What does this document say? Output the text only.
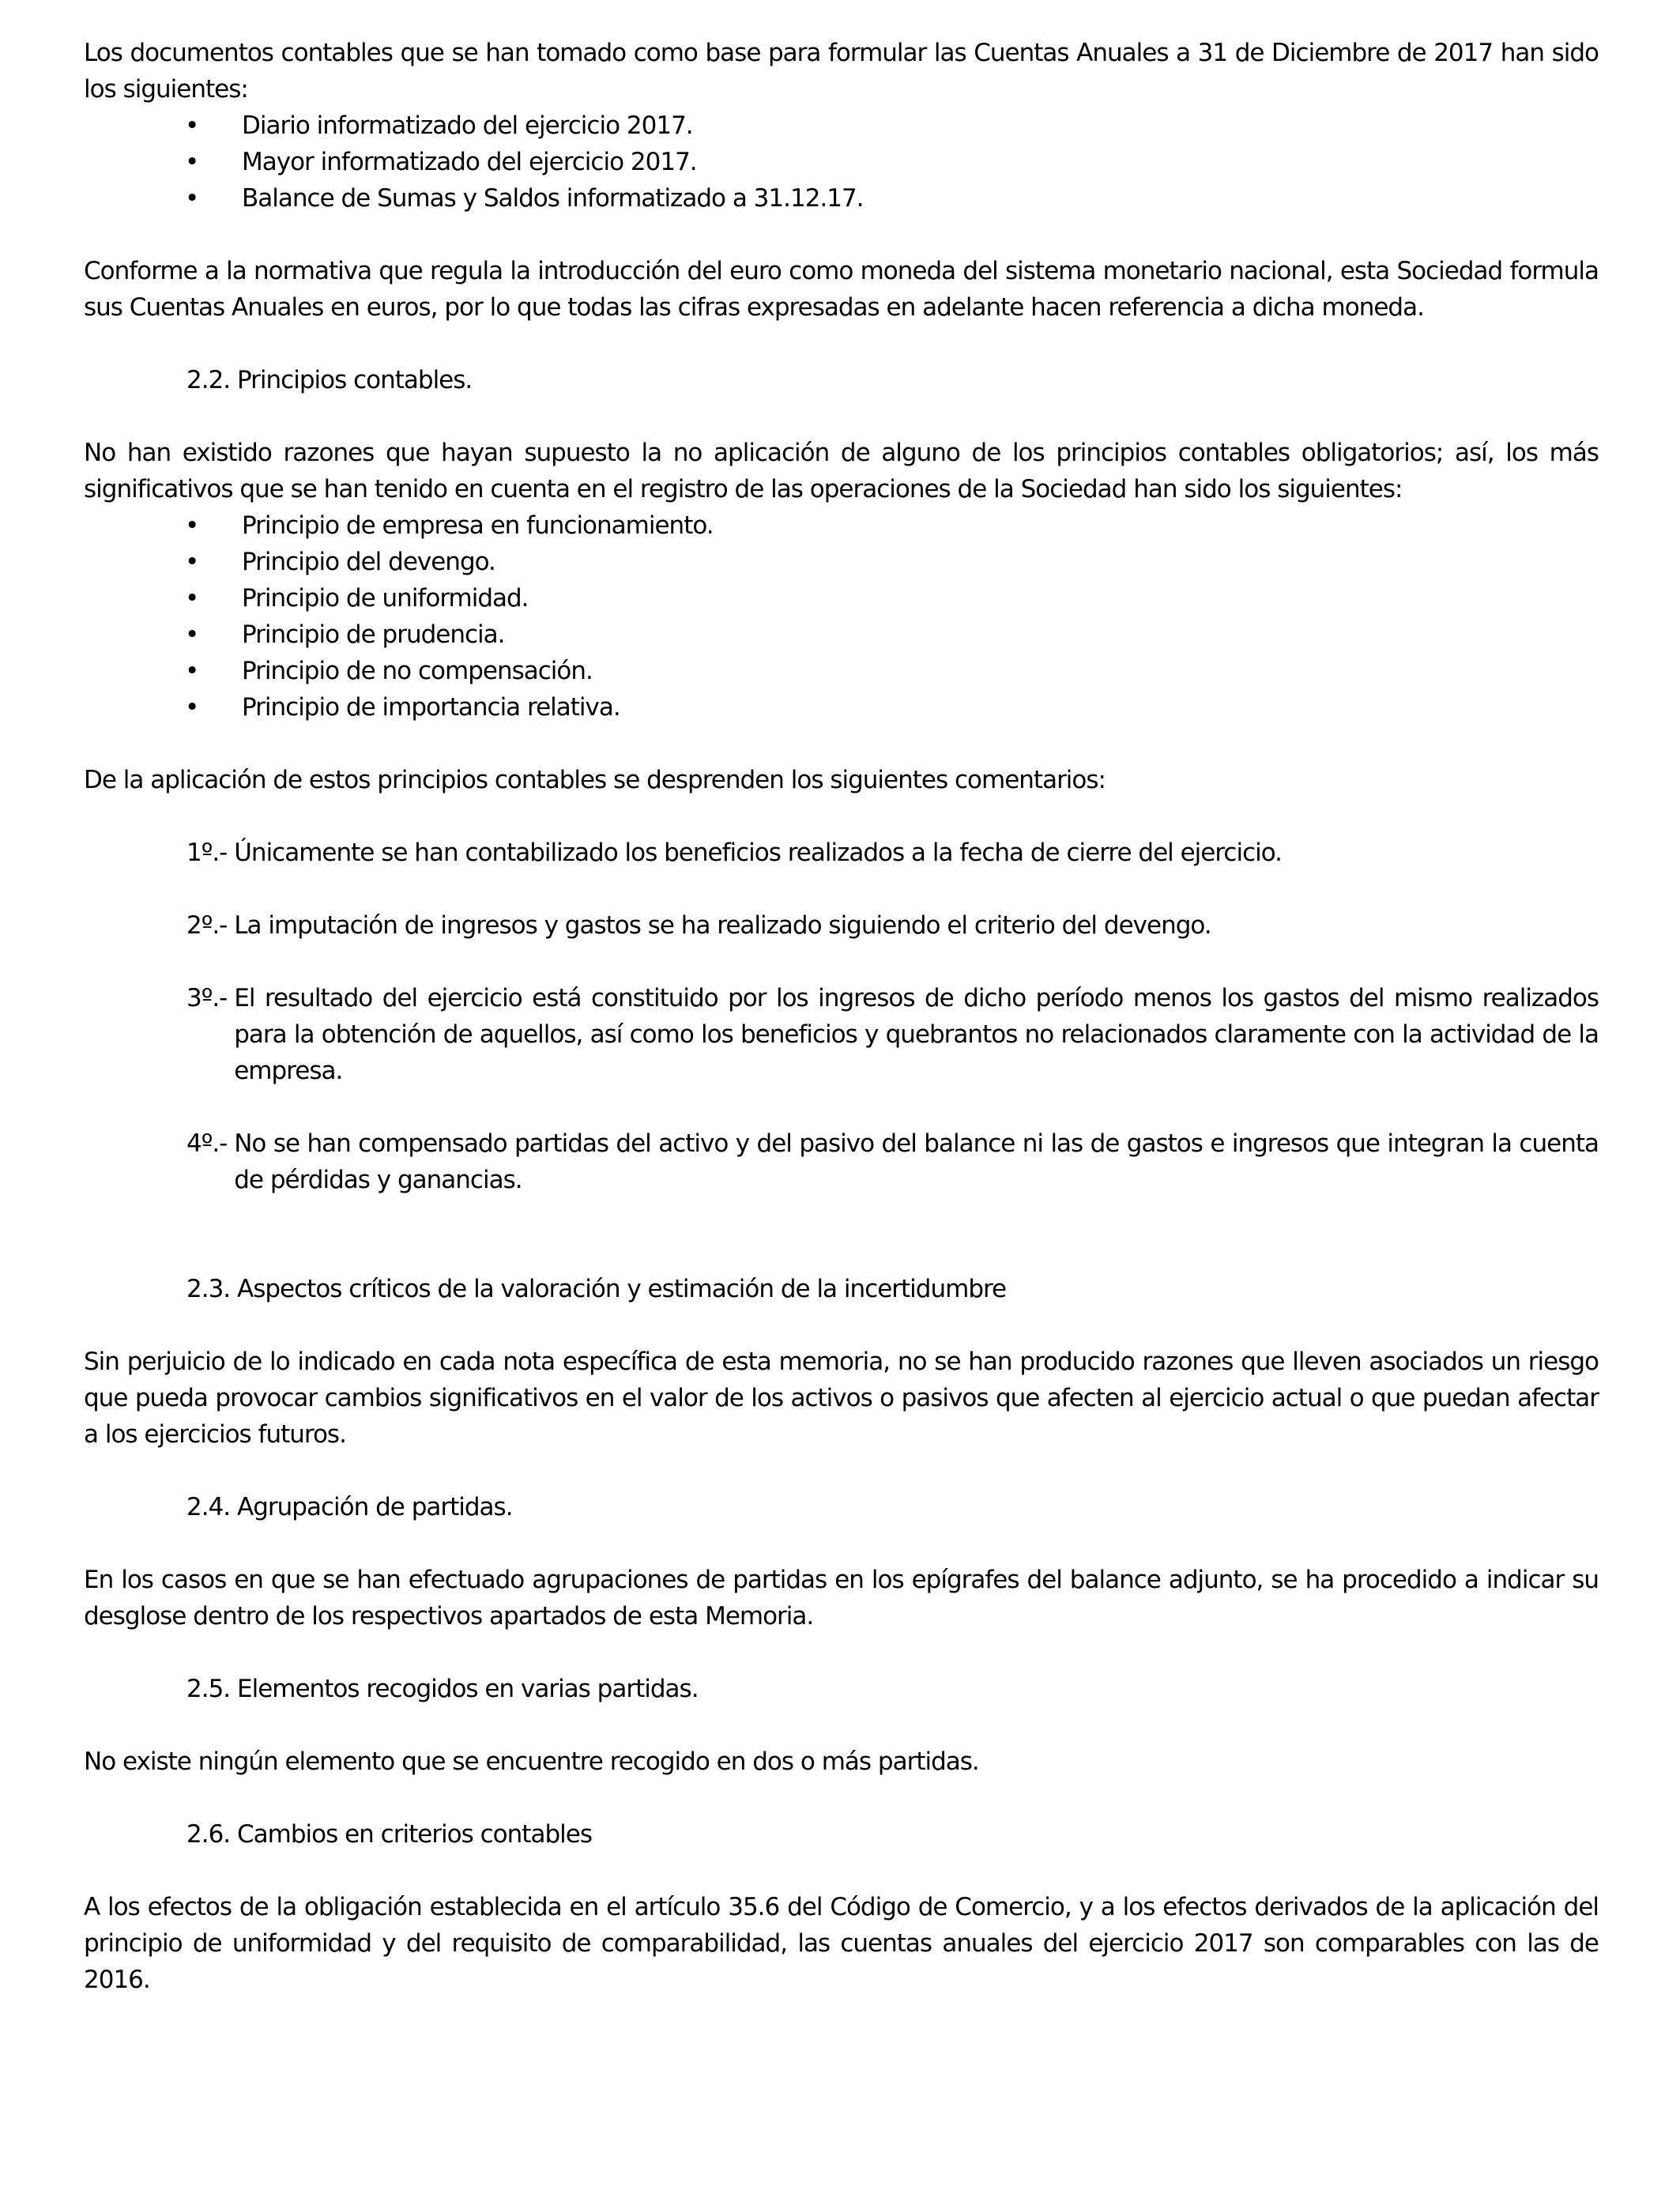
Los documentos contables que se han tomado como base para formular las Cuentas Anuales a 31 de Diciembre de 2017 han sido los siguientes:

• Diario informatizado del ejercicio 2017.
• Mayor informatizado del ejercicio 2017.
• Balance de Sumas y Saldos informatizado a 31.12.17.

Conforme a la normativa que regula la introducción del euro como moneda del sistema monetario nacional, esta Sociedad formula sus Cuentas Anuales en euros, por lo que todas las cifras expresadas en adelante hacen referencia a dicha moneda.

2.2. Principios contables.

No han existido razones que hayan supuesto la no aplicación de alguno de los principios contables obligatorios; así, los más significativos que se han tenido en cuenta en el registro de las operaciones de la Sociedad han sido los siguientes:

• Principio de empresa en funcionamiento.
• Principio del devengo.
• Principio de uniformidad.
• Principio de prudencia.
• Principio de no compensación.
• Principio de importancia relativa.

De la aplicación de estos principios contables se desprenden los siguientes comentarios:

1º.- Únicamente se han contabilizado los beneficios realizados a la fecha de cierre del ejercicio.
2º.- La imputación de ingresos y gastos se ha realizado siguiendo el criterio del devengo.
3º.- El resultado del ejercicio está constituido por los ingresos de dicho período menos los gastos del mismo realizados para la obtención de aquellos, así como los beneficios y quebrantos no relacionados claramente con la actividad de la empresa.
4º.- No se han compensado partidas del activo y del pasivo del balance ni las de gastos e ingresos que integran la cuenta de pérdidas y ganancias.

2.3. Aspectos críticos de la valoración y estimación de la incertidumbre

Sin perjuicio de lo indicado en cada nota específica de esta memoria, no se han producido razones que lleven asociados un riesgo que pueda provocar cambios significativos en el valor de los activos o pasivos que afecten al ejercicio actual o que puedan afectar a los ejercicios futuros.

2.4. Agrupación de partidas.

En los casos en que se han efectuado agrupaciones de partidas en los epígrafes del balance adjunto, se ha procedido a indicar su desglose dentro de los respectivos apartados de esta Memoria.

2.5. Elementos recogidos en varias partidas.

No existe ningún elemento que se encuentre recogido en dos o más partidas.

2.6. Cambios en criterios contables

A los efectos de la obligación establecida en el artículo 35.6 del Código de Comercio, y a los efectos derivados de la aplicación del principio de uniformidad y del requisito de comparabilidad, las cuentas anuales del ejercicio 2017 son comparables con las de 2016.
